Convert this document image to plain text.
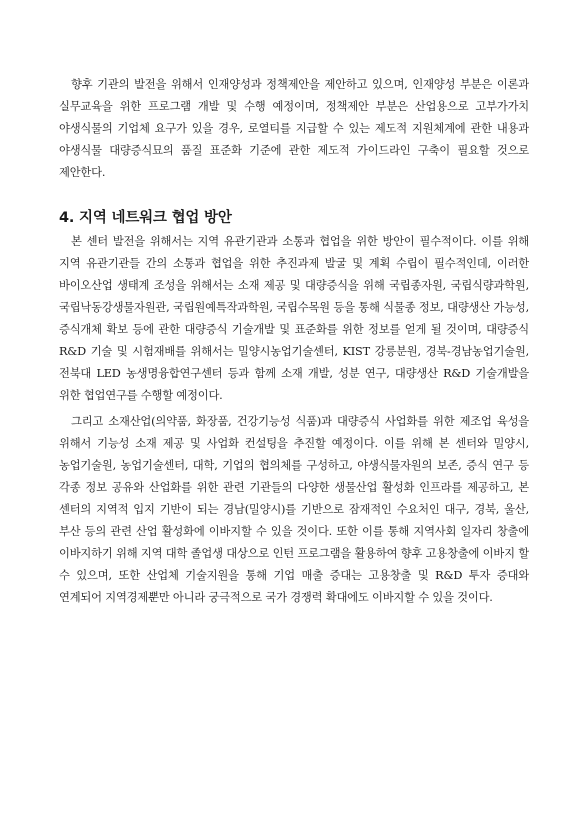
향후 기관의 발전을 위해서 인재양성과 정책제안을 제안하고 있으며, 인재양성 부분은 이론과 실무교육을 위한 프로그램 개발 및 수행 예정이며, 정책제안 부분은 산업용으로 고부가가치 야생식물의 기업체 요구가 있을 경우, 로열티를 지급할 수 있는 제도적 지원체계에 관한 내용과 야생식물 대량증식묘의 품질 표준화 기준에 관한 제도적 가이드라인 구축이 필요할 것으로 제안한다.

4. 지역 네트워크 협업 방안

본 센터 발전을 위해서는 지역 유관기관과 소통과 협업을 위한 방안이 필수적이다. 이를 위해 지역 유관기관들 간의 소통과 협업을 위한 추진과제 발굴 및 계획 수립이 필수적인데, 이러한 바이오산업 생태계 조성을 위해서는 소재 제공 및 대량증식을 위해 국립종자원, 국립식량과학원, 국립낙동강생물자원관, 국립원예특작과학원, 국립수목원 등을 통해 식물종 정보, 대량생산 가능성, 증식개체 확보 등에 관한 대량증식 기술개발 및 표준화를 위한 정보를 얻게 될 것이며, 대량증식 R&D 기술 및 시험재배를 위해서는 밀양시농업기술센터, KIST 강릉분원, 경북-경남농업기술원, 전북대 LED 농생명융합연구센터 등과 함께 소재 개발, 성분 연구, 대량생산 R&D 기술개발을 위한 협업연구를 수행할 예정이다.

그리고 소재산업(의약품, 화장품, 건강기능성 식품)과 대량증식 사업화를 위한 제조업 육성을 위해서 기능성 소재 제공 및 사업화 컨설팅을 추진할 예정이다. 이를 위해 본 센터와 밀양시, 농업기술원, 농업기술센터, 대학, 기업의 협의체를 구성하고, 야생식물자원의 보존, 증식 연구 등 각종 정보 공유와 산업화를 위한 관련 기관들의 다양한 생물산업 활성화 인프라를 제공하고, 본 센터의 지역적 입지 기반이 되는 경남(밀양시)를 기반으로 잠재적인 수요처인 대구, 경북, 울산, 부산 등의 관련 산업 활성화에 이바지할 수 있을 것이다. 또한 이를 통해 지역사회 일자리 창출에 이바지하기 위해 지역 대학 졸업생 대상으로 인턴 프로그램을 활용하여 향후 고용창출에 이바지 할 수 있으며, 또한 산업체 기술지원을 통해 기업 매출 증대는 고용창출 및 R&D 투자 증대와 연계되어 지역경제뿐만 아니라 궁극적으로 국가 경쟁력 확대에도 이바지할 수 있을 것이다.
